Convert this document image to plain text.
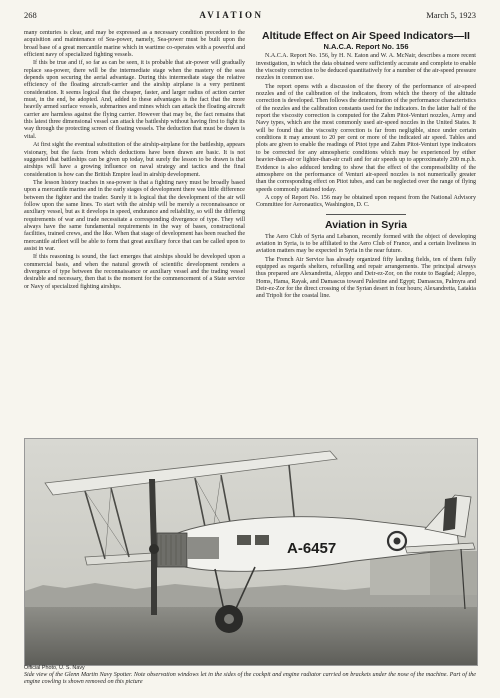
268	AVIATION	March 5, 1923

many centuries is clear, and may be expressed as a necessary condition precedent to the acquisition and maintenance of Sea-power, namely, Sea-power must be built upon the broad base of a great mercantile marine which in wartime co-operates with a powerful and efficient navy of specialized fighting vessels.

If this be true and if, so far as can be seen, it is probable that air-power will gradually replace sea-power, there will be the intermediate stage when the mastery of the seas depends upon securing the aerial advantage. During this intermediate stage the relative efficiency of the floating aircraft-carrier and the airship airplane is a very pertinent consideration. It seems logical that the cheaper, faster, and larger radius of action carrier must, in the end, be adopted. And, added to these advantages is the fact that the more heavily armed surface vessels, submarines and mines which can attack the floating aircraft carrier are harmless against the flying carrier. However that may be, the fact remains that this latest three dimensional vessel can attack the battleship without having first to fight its way through the protecting screen of floating vessels. The deduction that must be drawn is vital.

At first sight the eventual substitution of the airship-airplane for the battleship, appears visionary, but the facts from which deductions have been drawn are basic. It is not suggested that battleships can be given up today, but surely the lesson to be drawn is that airships will have a growing influence on naval strategy and tactics and the final consideration is how can the British Empire lead in airship development.

The lesson history teaches in sea-power is that a fighting navy must be broadly based upon a mercantile marine and in the early stages of development there was little difference between the fighter and the trader. Surely it is logical that the development of the air will follow upon the same lines. To start with the airship will be merely a reconnaissance or auxiliary vessel, but as it develops in speed, endurance and reliability, so will the differing requirements of war and trade necessitate a corresponding divergence of type. They will always have the same fundamental requirements in the way of bases, constructional facilities, trained crews, and the like. When that stage of development has been reached the mercantile airfleet will be able to form that great auxiliary force that can be called upon to assist in war.

If this reasoning is sound, the fact emerges that airships should be developed upon a commercial basis, and when the natural growth of scientific development renders a divergence of type between the reconnaissance or auxiliary vessel and the trading vessel desirable and necessary, then that is the moment for the commencement of a State service or Navy of specialized fighting airships.

Altitude Effect on Air Speed Indicators—II
N.A.C.A. Report No. 156

N.A.C.A. Report No. 156, by H. N. Eaton and W. A. McNair, describes a more recent investigation, in which the data obtained were sufficiently accurate and complete to enable the viscosity correction to be deduced quantitatively for a number of the air-speed pressure nozzles in common use.

The report opens with a discussion of the theory of the performance of air-speed nozzles and of the calibration of the indicators, from which the theory of the altitude correction is developed. Then follows the determination of the performance characteristics of the nozzles and the calibration constants used for the indicators. In the latter half of the report the viscosity correction is computed for the Zahm Pitot-Venturi nozzles, Army and Navy types, which are the most commonly used air-speed nozzles in the United States. It will be found that the viscosity correction is far from negligible, since under certain conditions it may amount to 20 per cent or more of the indicated air speed. Tables and plots are given to enable the readings of Pitot type and Zahm Pitot-Venturi type indicators to be corrected for any atmospheric conditions which may be experienced by either heavier-than-air or lighter-than-air craft and for air speeds up to approximately 200 m.p.h. Evidence is also adduced tending to show that the effect of the compressibility of the atmosphere on the performance of Venturi air-speed nozzles is not numerically greater than the corresponding effect on Pitot tubes, and can be neglected over the range of flying speeds commonly attained today.

A copy of Report No. 156 may be obtained upon request from the National Advisory Committee for Aeronautics, Washington, D. C.

Aviation in Syria

The Aero Club of Syria and Lebanon, recently formed with the object of developing aviation in Syria, is to be affiliated to the Aero Club of France, and a certain liveliness in aviation matters may be expected in Syria in the near future.

The French Air Service has already organized fifty landing fields, ten of them fully equipped as regards shelters, refuelling and repair arrangements. The principal airways thus prepared are Alexandretta, Aleppo and Deir-ez-Zor, on the route to Bagdad; Aleppo, Homs, Hama, Rayak, and Damascus toward Palestine and Egypt; Damascus, Palmyra and Deir-ez-Zor for the direct crossing of the Syrian desert in four hours; Alexandretta, Latakia and Tripoli for the coastal line.

A-6457
Official Photo, U. S. Navy
Side view of the Glenn Martin Navy Spotter. Note observation windows let in the sides of the cockpit and engine radiator carried on brackets under the nose of the machine. Part of the engine cowling is shown removed on this picture
